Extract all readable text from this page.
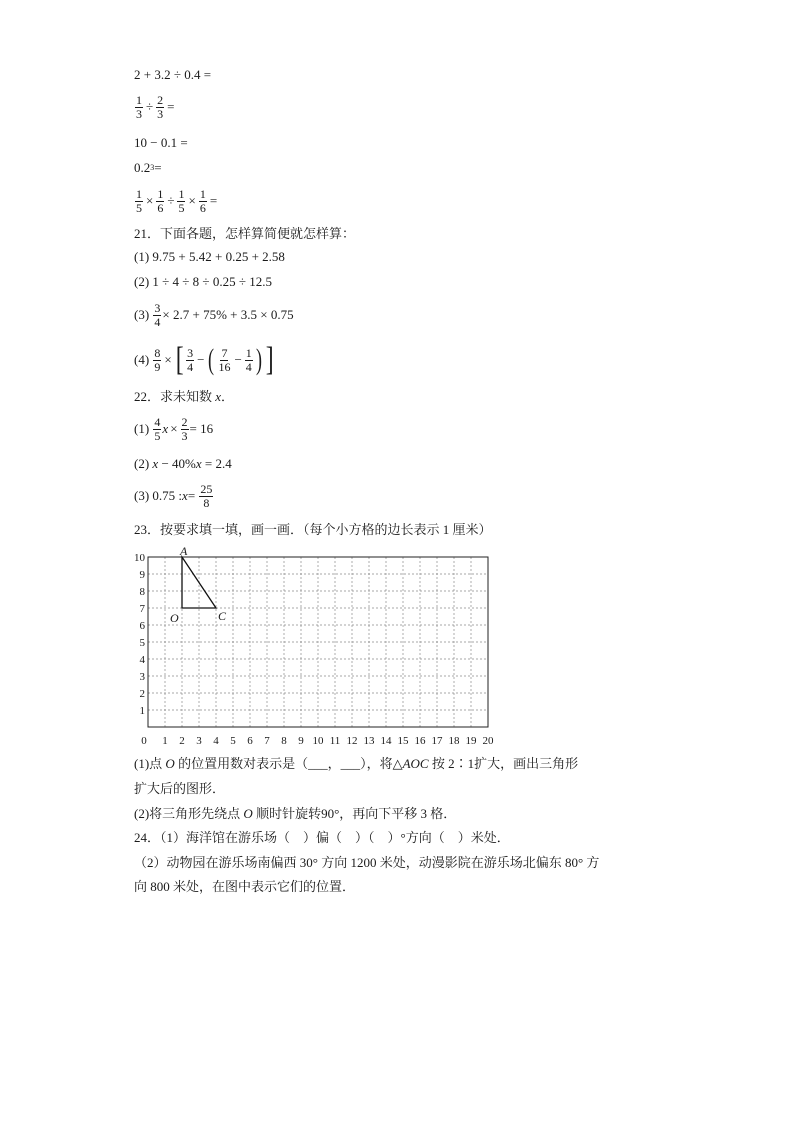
2 + 3.2 ÷ 0.4 =
$\frac{1}{3} \div \frac{2}{3}$ =
10 − 0.1 =
0.2 3 =
$\frac{1}{5} \times \frac{1}{6} \div \frac{1}{5} \times \frac{1}{6}$ =
21．下面各题，怎样算简便就怎样算：
(1) 9.75 + 5.42 + 0.25 + 2.58
(2) 1 ÷ 4 ÷ 8 ÷ 0.25 ÷ 12.5
(3)
$\frac{3}{4} \times 2.7 + 75\% + 3.5 \times 0.75$
(4)
$\frac{8}{9}$ × [ $\frac{3}{4}$ − ( $\frac{7}{16} - \frac{1}{4}$ ) ]
22．求未知数 x．
(1)
$\frac{4}{5}$ $x \times \frac{2}{3} = 16$
(2) x − 40%x = 2.4
(3) 0.75 : x =
$\frac{25}{8}$
23．按要求填一填，画一画．（每个小方格的边长表示 1 厘米）
1
2
3
4
5
6
7
8
9
10
0 1 2 3 4 5 6 7 8 9 10 11 12 13 14 15 16 17 18 19 20
A
O	C
(1)点 O 的位置用数对表示是（___，___），将△AOC 按 2∶1扩大，画出三角形
扩大后的图形．
(2)将三角形先绕点 O 顺时针旋转90°，再向下平移 3 格．
24．（1）海洋馆在游乐场（　）偏（　）（　）°方向（　）米处．
（2）动物园在游乐场南偏西 30° 方向 1200 米处，动漫影院在游乐场北偏东 80° 方
向 800 米处，在图中表示它们的位置．
